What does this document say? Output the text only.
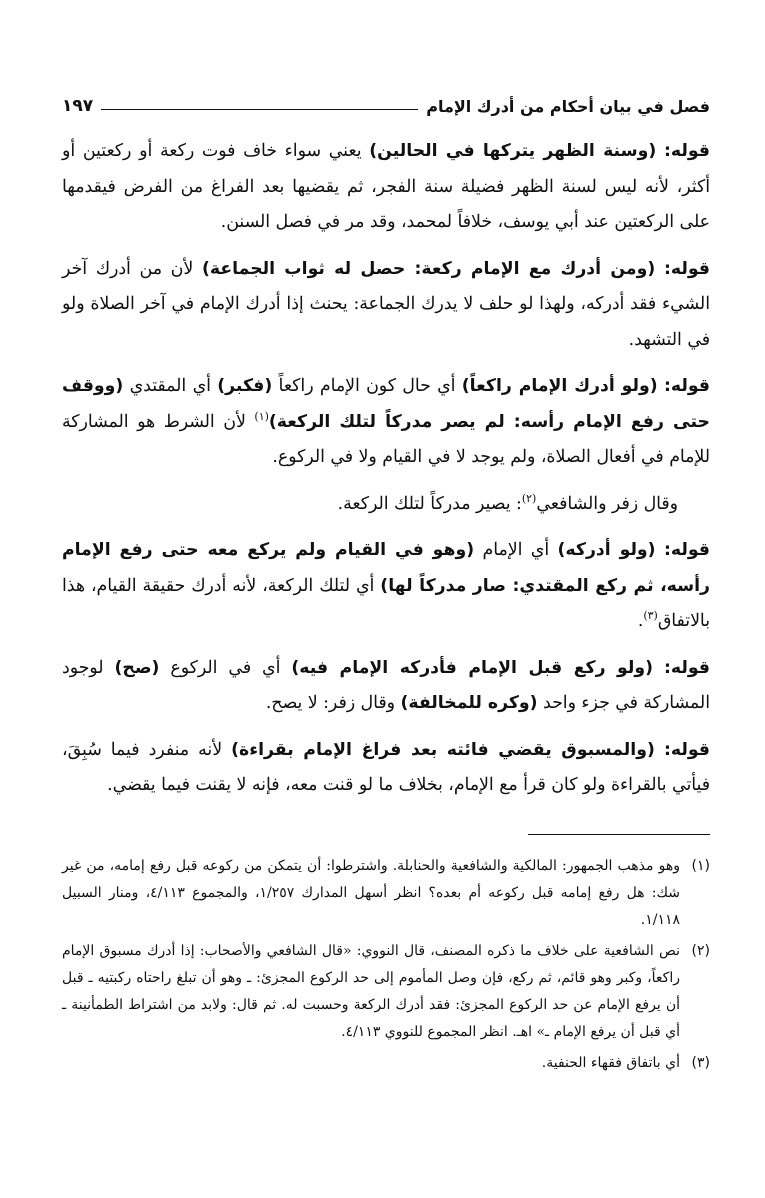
فصل في بيان أحكام من أدرك الإمام
١٩٧

قوله: (وسنة الظهر يتركها في الحالين) يعني سواء خاف فوت ركعة أو ركعتين أو أكثر، لأنه ليس لسنة الظهر فضيلة سنة الفجر، ثم يقضيها بعد الفراغ من الفرض فيقدمها على الركعتين عند أبي يوسف، خلافاً لمحمد، وقد مر في فصل السنن.

قوله: (ومن أدرك مع الإمام ركعة: حصل له ثواب الجماعة) لأن من أدرك آخر الشيء فقد أدركه، ولهذا لو حلف لا يدرك الجماعة: يحنث إذا أدرك الإمام في آخر الصلاة ولو في التشهد.

قوله: (ولو أدرك الإمام راكعاً) أي حال كون الإمام راكعاً (فكبر) أي المقتدي (ووقف حتى رفع الإمام رأسه: لم يصر مدركاً لتلك الركعة)$^{(١)}$ لأن الشرط هو المشاركة للإمام في أفعال الصلاة، ولم يوجد لا في القيام ولا في الركوع.

وقال زفر والشافعي$^{(٢)}$: يصير مدركاً لتلك الركعة.

قوله: (ولو أدركه) أي الإمام (وهو في القيام ولم يركع معه حتى رفع الإمام رأسه، ثم ركع المقتدي: صار مدركاً لها) أي لتلك الركعة، لأنه أدرك حقيقة القيام، هذا بالاتفاق$^{(٣)}$.

قوله: (ولو ركع قبل الإمام فأدركه الإمام فيه) أي في الركوع (صح) لوجود المشاركة في جزء واحد (وكره للمخالفة) وقال زفر: لا يصح.

قوله: (والمسبوق يقضي فائته بعد فراغ الإمام بقراءة) لأنه منفرد فيما سُبِقَ، فيأتي بالقراءة ولو كان قرأ مع الإمام، بخلاف ما لو قنت معه، فإنه لا يقنت فيما يقضي.

(١)
وهو مذهب الجمهور: المالكية والشافعية والحنابلة. واشترطوا: أن يتمكن من ركوعه قبل رفع إمامه، من غير شك: هل رفع إمامه قبل ركوعه أم بعده؟ انظر أسهل المدارك ١/٢٥٧، والمجموع ٤/١١٣، ومنار السبيل ١/١١٨.
(٢)
نص الشافعية على خلاف ما ذكره المصنف، قال النووي: «قال الشافعي والأصحاب: إذا أدرك مسبوق الإمام راكعاً، وكبر وهو قائم، ثم ركع، فإن وصل المأموم إلى حد الركوع المجزئ: ـ وهو أن تبلغ راحتاه ركبتيه ـ قبل أن يرفع الإمام عن حد الركوع المجزئ: فقد أدرك الركعة وحسبت له. ثم قال: ولابد من اشتراط الطمأنينة ـ أي قبل أن يرفع الإمام ـ» اهـ. انظر المجموع للنووي ٤/١١٣.
(٣)
أي باتفاق فقهاء الحنفية.
